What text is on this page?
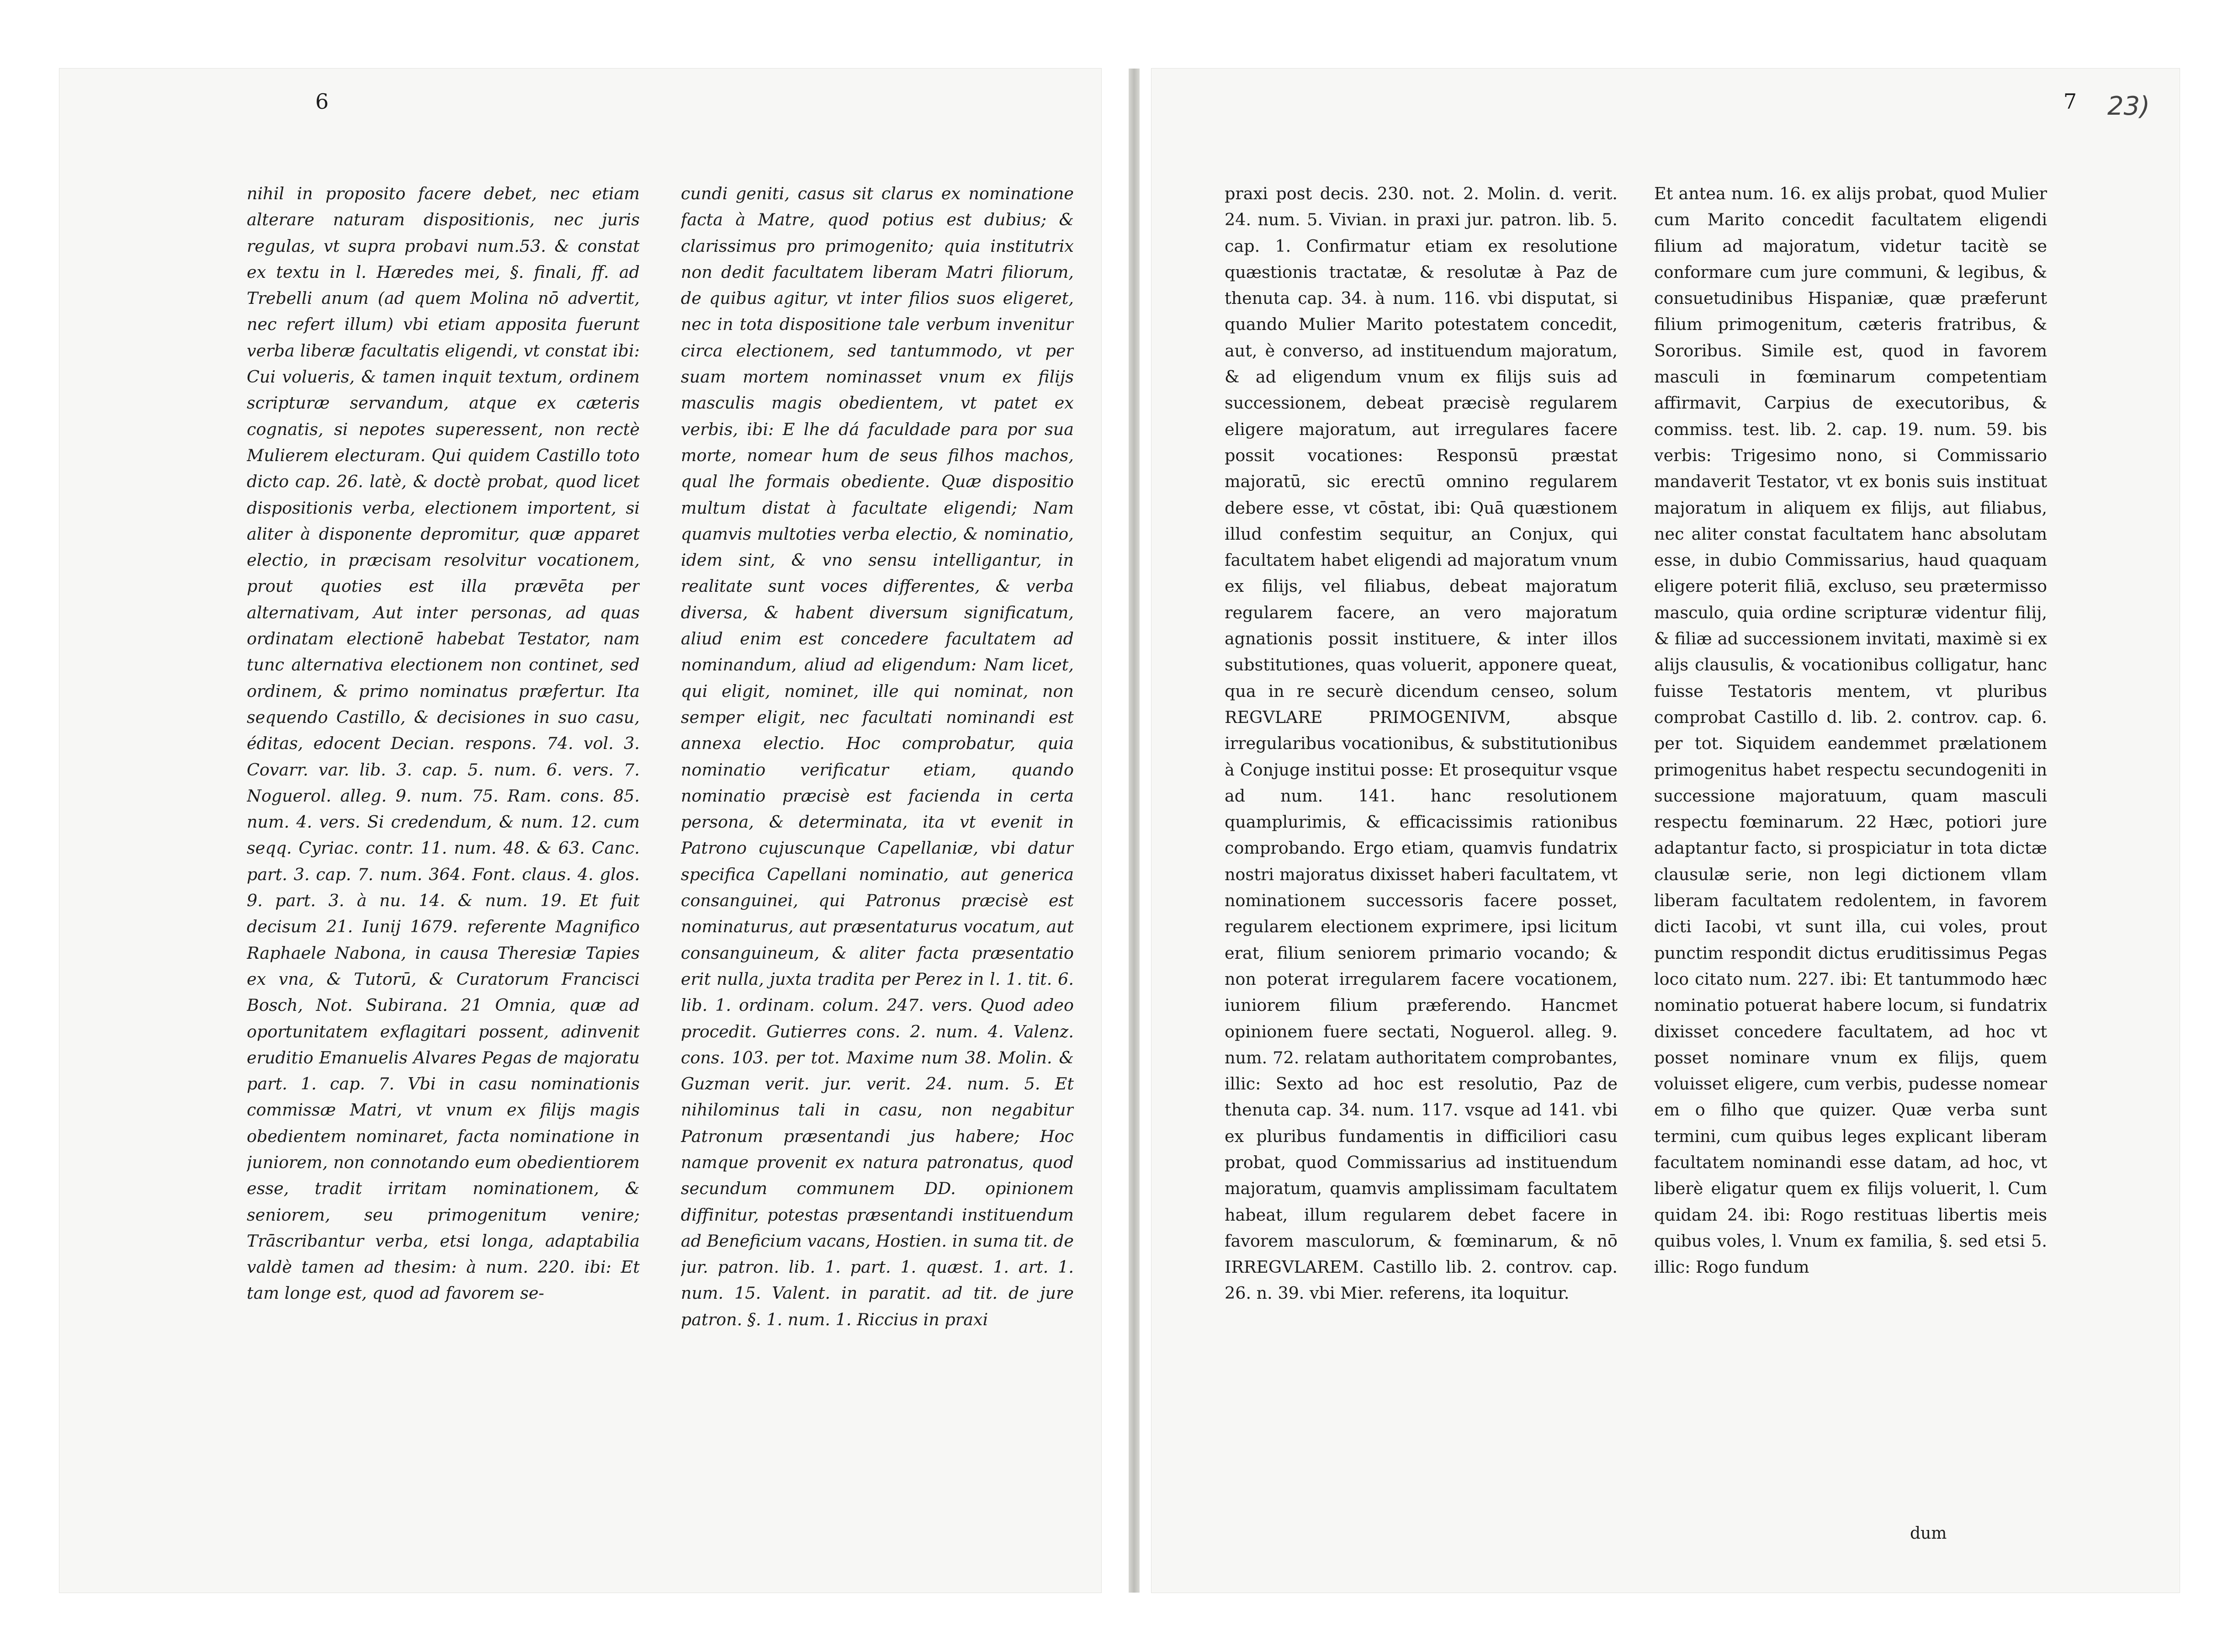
23)
6	7

nihil in proposito facere debet, nec etiam alterare naturam dispositionis, nec juris regulas, vt supra probavi num.53. & constat ex textu in l. Hæredes mei, §. finali, ff. ad Trebelli anum (ad quem Molina nō advertit, nec refert illum) vbi etiam apposita fuerunt verba liberæ facultatis eligendi, vt constat ibi: Cui volueris, & tamen inquit textum, ordinem scripturæ servandum, atque ex cæteris cognatis, si nepotes superessent, non rectè Mulierem electuram. Qui quidem Castillo toto dicto cap. 26. latè, & doctè probat, quod licet dispositionis verba, electionem importent, si aliter à disponente depromitur, quæ apparet electio, in præcisam resolvitur vocationem, prout quoties est illa prævēta per alternativam, Aut inter personas, ad quas ordinatam electionē habebat Testator, nam tunc alternativa electionem non continet, sed ordinem, & primo nominatus præfertur. Ita sequendo Castillo, & decisiones in suo casu, éditas, edocent Decian. respons. 74. vol. 3. Covarr. var. lib. 3. cap. 5. num. 6. vers. 7. Noguerol. alleg. 9. num. 75. Ram. cons. 85. num. 4. vers. Si credendum, & num. 12. cum seqq. Cyriac. contr. 11. num. 48. & 63. Canc. part. 3. cap. 7. num. 364. Font. claus. 4. glos. 9. part. 3. à nu. 14. & num. 19. Et fuit decisum 21. Iunij 1679. referente Magnifico Raphaele Nabona, in causa Theresiæ Tapies ex vna, & Tutorū, & Curatorum Francisci Bosch, Not. Subirana. 21 Omnia, quæ ad oportunitatem exflagitari possent, adinvenit eruditio Emanuelis Alvares Pegas de majoratu part. 1. cap. 7. Vbi in casu nominationis commissæ Matri, vt vnum ex filijs magis obedientem nominaret, facta nominatione in juniorem, non connotando eum obedientiorem esse, tradit irritam nominationem, & seniorem, seu primogenitum venire; Trāscribantur verba, etsi longa, adaptabilia valdè tamen ad thesim: à num. 220. ibi: Et tam longe est, quod ad favorem se-

cundi geniti, casus sit clarus ex nominatione facta à Matre, quod potius est dubius; & clarissimus pro primogenito; quia institutrix non dedit facultatem liberam Matri filiorum, de quibus agitur, vt inter filios suos eligeret, nec in tota dispositione tale verbum invenitur circa electionem, sed tantummodo, vt per suam mortem nominasset vnum ex filijs masculis magis obedientem, vt patet ex verbis, ibi: E lhe dá faculdade para por sua morte, nomear hum de seus filhos machos, qual lhe formais obediente. Quæ dispositio multum distat à facultate eligendi; Nam quamvis multoties verba electio, & nominatio, idem sint, & vno sensu intelligantur, in realitate sunt voces differentes, & verba diversa, & habent diversum significatum, aliud enim est concedere facultatem ad nominandum, aliud ad eligendum: Nam licet, qui eligit, nominet, ille qui nominat, non semper eligit, nec facultati nominandi est annexa electio. Hoc comprobatur, quia nominatio verificatur etiam, quando nominatio præcisè est facienda in certa persona, & determinata, ita vt evenit in Patrono cujuscunque Capellaniæ, vbi datur specifica Capellani nominatio, aut generica consanguinei, qui Patronus præcisè est nominaturus, aut præsentaturus vocatum, aut consanguineum, & aliter facta præsentatio erit nulla, juxta tradita per Perez in l. 1. tit. 6. lib. 1. ordinam. colum. 247. vers. Quod adeo procedit. Gutierres cons. 2. num. 4. Valenz. cons. 103. per tot. Maxime num 38. Molin. & Guzman verit. jur. verit. 24. num. 5. Et nihilominus tali in casu, non negabitur Patronum præsentandi jus habere; Hoc namque provenit ex natura patronatus, quod secundum communem DD. opinionem diffinitur, potestas præsentandi instituendum ad Beneficium vacans, Hostien. in suma tit. de jur. patron. lib. 1. part. 1. quæst. 1. art. 1. num. 15. Valent. in paratit. ad tit. de jure patron. §. 1. num. 1. Riccius in praxi

praxi post decis. 230. not. 2. Molin. d. verit. 24. num. 5. Vivian. in praxi jur. patron. lib. 5. cap. 1. Confirmatur etiam ex resolutione quæstionis tractatæ, & resolutæ à Paz de thenuta cap. 34. à num. 116. vbi disputat, si quando Mulier Marito potestatem concedit, aut, è converso, ad instituendum majoratum, & ad eligendum vnum ex filijs suis ad successionem, debeat præcisè regularem eligere majoratum, aut irregulares facere possit vocationes: Responsū præstat majoratū, sic erectū omnino regularem debere esse, vt cōstat, ibi: Quā quæstionem illud confestim sequitur, an Conjux, qui facultatem habet eligendi ad majoratum vnum ex filijs, vel filiabus, debeat majoratum regularem facere, an vero majoratum agnationis possit instituere, & inter illos substitutiones, quas voluerit, apponere queat, qua in re securè dicendum censeo, solum REGVLARE PRIMOGENIVM, absque irregularibus vocationibus, & substitutionibus à Conjuge institui posse: Et prosequitur vsque ad num. 141. hanc resolutionem quamplurimis, & efficacissimis rationibus comprobando. Ergo etiam, quamvis fundatrix nostri majoratus dixisset haberi facultatem, vt nominationem successoris facere posset, regularem electionem exprimere, ipsi licitum erat, filium seniorem primario vocando; & non poterat irregularem facere vocationem, iuniorem filium præferendo. Hancmet opinionem fuere sectati, Noguerol. alleg. 9. num. 72. relatam authoritatem comprobantes, illic: Sexto ad hoc est resolutio, Paz de thenuta cap. 34. num. 117. vsque ad 141. vbi ex pluribus fundamentis in difficiliori casu probat, quod Commissarius ad instituendum majoratum, quamvis amplissimam facultatem habeat, illum regularem debet facere in favorem masculorum, & fœminarum, & nō IRREGVLAREM. Castillo lib. 2. controv. cap. 26. n. 39. vbi Mier. referens, ita loquitur.

Et antea num. 16. ex alijs probat, quod Mulier cum Marito concedit facultatem eligendi filium ad majoratum, videtur tacitè se conformare cum jure communi, & legibus, & consuetudinibus Hispaniæ, quæ præferunt filium primogenitum, cæteris fratribus, & Sororibus. Simile est, quod in favorem masculi in fœminarum competentiam affirmavit, Carpius de executoribus, & commiss. test. lib. 2. cap. 19. num. 59. bis verbis: Trigesimo nono, si Commissario mandaverit Testator, vt ex bonis suis instituat majoratum in aliquem ex filijs, aut filiabus, nec aliter constat facultatem hanc absolutam esse, in dubio Commissarius, haud quaquam eligere poterit filiā, excluso, seu prætermisso masculo, quia ordine scripturæ videntur filij, & filiæ ad successionem invitati, maximè si ex alijs clausulis, & vocationibus colligatur, hanc fuisse Testatoris mentem, vt pluribus comprobat Castillo d. lib. 2. controv. cap. 6. per tot. Siquidem eandemmet prælationem primogenitus habet respectu secundogeniti in successione majoratuum, quam masculi respectu fœminarum. 22 Hæc, potiori jure adaptantur facto, si prospiciatur in tota dictæ clausulæ serie, non legi dictionem vllam liberam facultatem redolentem, in favorem dicti Iacobi, vt sunt illa, cui voles, prout punctim respondit dictus eruditissimus Pegas loco citato num. 227. ibi: Et tantummodo hæc nominatio potuerat habere locum, si fundatrix dixisset concedere facultatem, ad hoc vt posset nominare vnum ex filijs, quem voluisset eligere, cum verbis, pudesse nomear em o filho que quizer. Quæ verba sunt termini, cum quibus leges explicant liberam facultatem nominandi esse datam, ad hoc, vt liberè eligatur quem ex filijs voluerit, l. Cum quidam 24. ibi: Rogo restituas libertis meis quibus voles, l. Vnum ex familia, §. sed etsi 5. illic: Rogo fundum

dum
